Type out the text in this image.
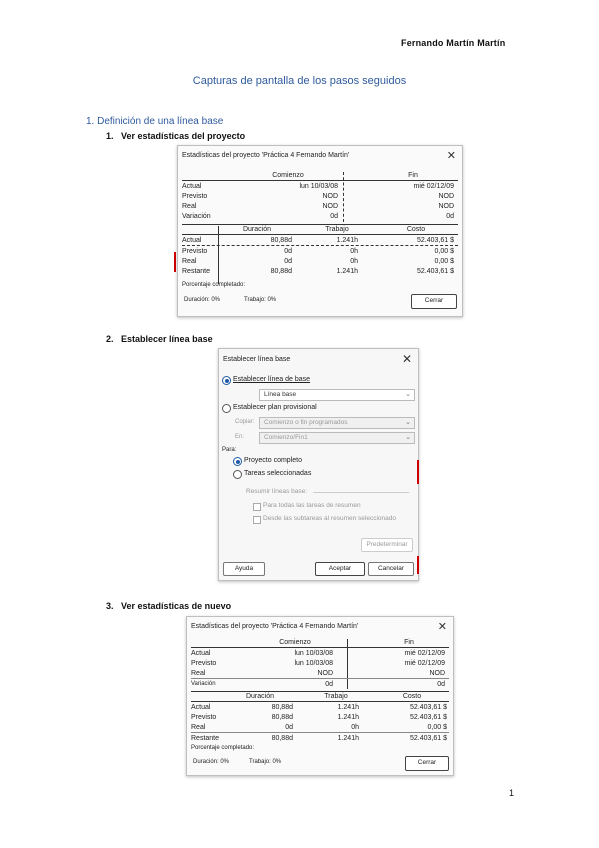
Fernando Martín Martín
Capturas de pantalla de los pasos seguidos
1. Definición de una línea base
1. Ver estadísticas del proyecto
2. Establecer línea base
3. Ver estadísticas de nuevo
Estadísticas del proyecto 'Práctica 4 Fernando Martín'	✕
Comienzo	Fin
Actual	lun 10/03/08	mié 02/12/09
Previsto	NOD	NOD
Real	NOD	NOD
Variación	0d	0d
Duración	Trabajo	Costo
Actual	80,88d	1.241h	52.403,61 $
Previsto	0d	0h	0,00 $
Real	0d	0h	0,00 $
Restante	80,88d	1.241h	52.403,61 $
Porcentaje completado:
Duración: 0%	Trabajo: 0%	Cerrar
Establecer línea base	✕
Establecer línea de base
Línea base	⌄
Establecer plan provisional
Copiar:	Comienzo o fin programados	⌄
En:	Comienzo/Fin1	⌄
Para:
Proyecto completo
Tareas seleccionadas
Resumir líneas base:
Para todas las tareas de resumen
Desde las subtareas al resumen seleccionado
Predeterminar
Ayuda	Aceptar	Cancelar
Estadísticas del proyecto 'Práctica 4 Fernando Martín'	✕
Comienzo	Fin
Actual	lun 10/03/08	mié 02/12/09
Previsto	lun 10/03/08	mié 02/12/09
Real	NOD	NOD
Variación	0d	0d
Duración	Trabajo	Costo
Actual	80,88d	1.241h	52.403,61 $
Previsto	80,88d	1.241h	52.403,61 $
Real	0d	0h	0,00 $
Restante	80,88d	1.241h	52.403,61 $
Porcentaje completado:
Duración: 0%	Trabajo: 0%	Cerrar
1
